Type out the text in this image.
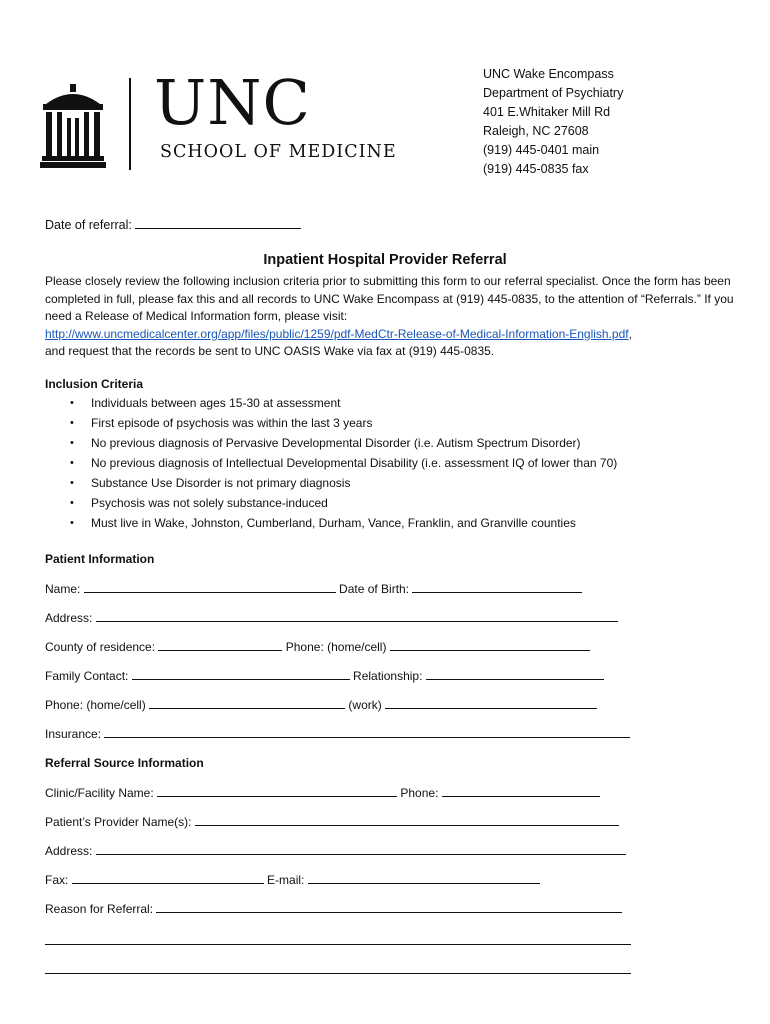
UNC
SCHOOL OF MEDICINE
UNC Wake Encompass
Department of Psychiatry
401 E.Whitaker Mill Rd
Raleigh, NC 27608
(919) 445-0401 main
(919) 445-0835 fax
Date of referral:
Inpatient Hospital Provider Referral
Please closely review the following inclusion criteria prior to submitting this form to our referral specialist. Once the form has been completed in full, please fax this and all records to UNC Wake Encompass at (919) 445-0835, to the attention of “Referrals.” If you need a Release of Medical Information form, please visit:
http://www.uncmedicalcenter.org/app/files/public/1259/pdf-MedCtr-Release-of-Medical-Information-English.pdf,
and request that the records be sent to UNC OASIS Wake via fax at (919) 445-0835.
Inclusion Criteria
• Individuals between ages 15-30 at assessment
• First episode of psychosis was within the last 3 years
• No previous diagnosis of Pervasive Developmental Disorder (i.e. Autism Spectrum Disorder)
• No previous diagnosis of Intellectual Developmental Disability (i.e. assessment IQ of lower than 70)
• Substance Use Disorder is not primary diagnosis
• Psychosis was not solely substance-induced
• Must live in Wake, Johnston, Cumberland, Durham, Vance, Franklin, and Granville counties
Patient Information
Name:	Date of Birth:
Address:
County of residence:	Phone: (home/cell)
Family Contact:	Relationship:
Phone: (home/cell)	(work)
Insurance:
Referral Source Information
Clinic/Facility Name:	Phone:
Patient’s Provider Name(s):
Address:
Fax:	E-mail:
Reason for Referral:
